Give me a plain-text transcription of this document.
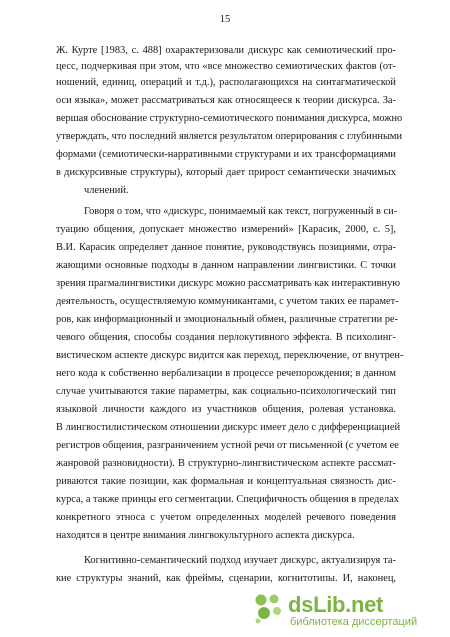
15
Ж. Курте [1983, с. 488] охарактеризовали дискурс как семиотический про-
цесс, подчеркивая при этом, что «все множество семиотических фактов (от-
ношений, единиц, операций и т.д.), располагающихся на синтагматической
оси языка», может рассматриваться как относящееся к теории дискурса. За-
вершая обоснование структурно-семиотического понимания дискурса, можно
утверждать, что последний является результатом оперирования с глубинными
формами (семиотически-нарративными структурами и их трансформациями
в дискурсивные структуры), который дает прирост семантически значимых
членений.
Говоря о том, что «дискурс, понимаемый как текст, погруженный в си-
туацию общения, допускает множество измерений» [Карасик, 2000, с. 5],
В.И. Карасик определяет данное понятие, руководствуясь позициями, отра-
жающими основные подходы в данном направлении лингвистики. С точки
зрения прагмалингвистики дискурс можно рассматривать как интерактивную
деятельность, осуществляемую коммуникантами, с учетом таких ее парамет-
ров, как информационный и эмоциональный обмен, различные стратегии ре-
чевого общения, способы создания перлокутивного эффекта. В психолинг-
вистическом аспекте дискурс видится как переход, переключение, от внутрен-
него кода к собственно вербализации в процессе речепорождения; в данном
случае учитываются такие параметры, как социально-психологический тип
языковой личности каждого из участников общения, ролевая установка.
В лингвостилистическом отношении дискурс имеет дело с дифференциацией
регистров общения, разграничением устной речи от письменной (с учетом ее
жанровой разновидности). В структурно-лингвистическом аспекте рассмат-
риваются такие позиции, как формальная и концептуальная связность дис-
курса, а также принцы его сегментации. Специфичность общения в пределах
конкретного этноса с учетом определенных моделей речевого поведения
находятся в центре внимания лингвокультурного аспекта дискурса.
Когнитивно-семантический подход изучает дискурс, актуализируя та-
кие структуры знаний, как фреймы, сценарии, когнитотипы. И, наконец,
dsLib.net
библиотека диссертаций
